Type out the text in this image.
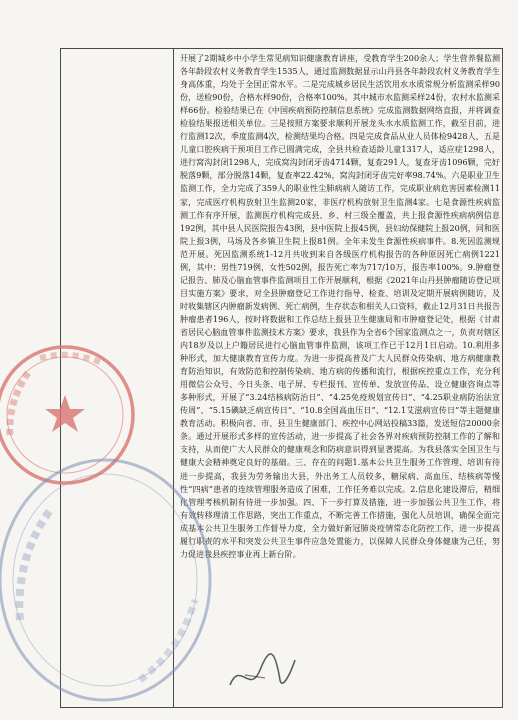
开展了2期城乡中小学生常见病知识健康教育讲座，受教育学生200余人；学生营养餐监测各年龄段农村义务教育学生1535人，通过监测数据显示山丹县各年龄段农村义务教育学生身高体重，均处于全国正常水平。二是完成城乡居民生活饮用水水质常规分析监测采样90份，送检90份，合格水样90份，合格率100%。其中城市水监测采样24份，农村水监测采样66份。检验结果已在《中国疾病预防控制信息系统》完成监测数据网络直报，并将调查检验结果报送相关单位。三是按照方案要求顺利开展龙头水水质监测工作，截至目前，进行监测12次，季度监测4次，检测结果均合格。四是完成食品从业人员体检9428人，五是儿童口腔疾病干预项目工作已圆满完成，全县共检查适龄儿童1317人，适应症1298人，进行窝沟封闭1298人，完成窝沟封闭牙齿4714颗，复查291人，复查牙齿1096颗，完好脱落9颗，部分脱落14颗，复查率22.42%，窝沟封闭牙齿完好率98.74%。六是职业卫生监测工作，全力完成了359人的职业性尘肺病病人随访工作，完成职业病危害因素检测11家，完成医疗机构放射卫生监测20家，非医疗机构放射卫生监测4家。七是食源性疾病监测工作有序开展，监测医疗机构完成县、乡、村三级全覆盖，共上报食源性疾病病例信息192例，其中县人民医院报告43例，县中医院上报45例，县妇幼保健院上报20例，同和医院上报3例，马场及各乡镇卫生院上报81例。全年未发生食源性疾病事件。8.死因监测规范开展。死因监测系统1-12月共收到来自各级医疗机构报告的各种原因死亡病例1221例，其中：男性719例，女性502例，报告死亡率为717/10万，报告率100%。9.肿瘤登记报告、肺及心脑血管事件监测项目工作开展顺利，根据《2021年山丹县肿瘤随访登记项目实施方案》要求，对全县肿瘤登记工作进行指导、检查、培训及定期开展病例随访，及时收集辖区内肿瘤新发病例、死亡病例，生存状态和相关人口资料，截止12月31日共报告肿瘤患者196人，按时将数据和工作总结上报县卫生健康局和市肿瘤登记处，根据《甘肃省居民心脑血管事件监测技术方案》要求，我县作为全省6个国家监测点之一，负责对辖区内18岁及以上户籍居民进行心脑血管事件监测，该项工作已于12月1日启动。10.利用多种形式，加大健康教育宣传力度。为进一步提高普及广大人民群众传染病、地方病健康教育防治知识，有效防范和控制传染病、地方病的传播和流行，根据疾控重点工作，充分利用微信公众号、今日头条、电子屏、专栏报刊、宣传单、发放宣传品、设立健康咨询点等多种形式，开展了“3.24结核病防治日”、“4.25免疫规划宣传日”、“4.25职业病防治法宣传周”、“5.15碘缺乏病宣传日”、“10.8全国高血压日”、“12.1艾滋病宣传日”等主题健康教育活动。积极向省、市、县卫生健康部门、疾控中心网站投稿33篇，发送短信20000余条。通过开展形式多样的宣传活动，进一步提高了社会各界对疾病预防控制工作的了解和支持，从而使广大人民群众的健康观念和防病意识得到显著提高。为我县落实全国卫生与健康大会精神奠定良好的基础。三、存在的问题1.基本公共卫生服务工作管理、培训有待进一步提高，我县为劳务输出大县，外出务工人员较多，糖尿病、高血压、结核病等慢性“四病”患者的连续管理服务造成了困难，工作任务难以完成。2.信息化建设滞后，精细化管理考核机制有待进一步加强。四、下一步打算及措施，进一步加强公共卫生工作，将有效转移理清工作思路，突出工作重点，不断完善工作措施，强化人员培训，确保全面完成基本公共卫生服务工作督导力度，全力做好新冠肺炎疫情常态化防控工作，进一步提高履行职责的水平和突发公共卫生事件应急处置能力，以保障人民群众身体健康为己任，努力促进我县疾控事业再上新台阶。
